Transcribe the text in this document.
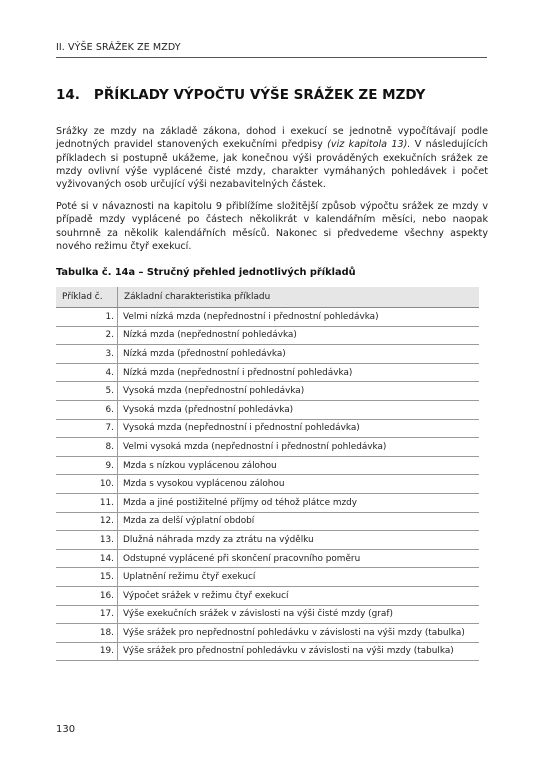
II. VÝŠE SRÁŽEK ZE MZDY
14. PŘÍKLADY VÝPOČTU VÝŠE SRÁŽEK ZE MZDY
Srážky ze mzdy na základě zákona, dohod i exekucí se jednotně vypočítávají podle jednotných pravidel stanovených exekučními předpisy (viz kapitola 13). V následujících příkladech si postupně ukážeme, jak konečnou výši prováděných exekučních srážek ze mzdy ovlivní výše vyplácené čisté mzdy, charakter vymáhaných pohledávek i počet vyživovaných osob určující výši nezabavitelných částek.
Poté si v návaznosti na kapitolu 9 přiblížíme složitější způsob výpočtu srážek ze mzdy v případě mzdy vyplácené po částech několikrát v kalendářním měsíci, nebo naopak souhrnně za několik kalendářních měsíců. Nakonec si předvedeme všechny aspekty nového režimu čtyř exekucí.
Tabulka č. 14a – Stručný přehled jednotlivých příkladů
Příklad č.	Základní charakteristika příkladu
1.	Velmi nízká mzda (nepřednostní i přednostní pohledávka)
2.	Nízká mzda (nepřednostní pohledávka)
3.	Nízká mzda (přednostní pohledávka)
4.	Nízká mzda (nepřednostní i přednostní pohledávka)
5.	Vysoká mzda (nepřednostní pohledávka)
6.	Vysoká mzda (přednostní pohledávka)
7.	Vysoká mzda (nepřednostní i přednostní pohledávka)
8.	Velmi vysoká mzda (nepřednostní i přednostní pohledávka)
9.	Mzda s nízkou vyplácenou zálohou
10.	Mzda s vysokou vyplácenou zálohou
11.	Mzda a jiné postižitelné příjmy od téhož plátce mzdy
12.	Mzda za delší výplatní období
13.	Dlužná náhrada mzdy za ztrátu na výdělku
14.	Odstupné vyplácené při skončení pracovního poměru
15.	Uplatnění režimu čtyř exekucí
16.	Výpočet srážek v režimu čtyř exekucí
17.	Výše exekučních srážek v závislosti na výši čisté mzdy (graf)
18.	Výše srážek pro nepřednostní pohledávku v závislosti na výši mzdy (tabulka)
19.	Výše srážek pro přednostní pohledávku v závislosti na výši mzdy (tabulka)
130
